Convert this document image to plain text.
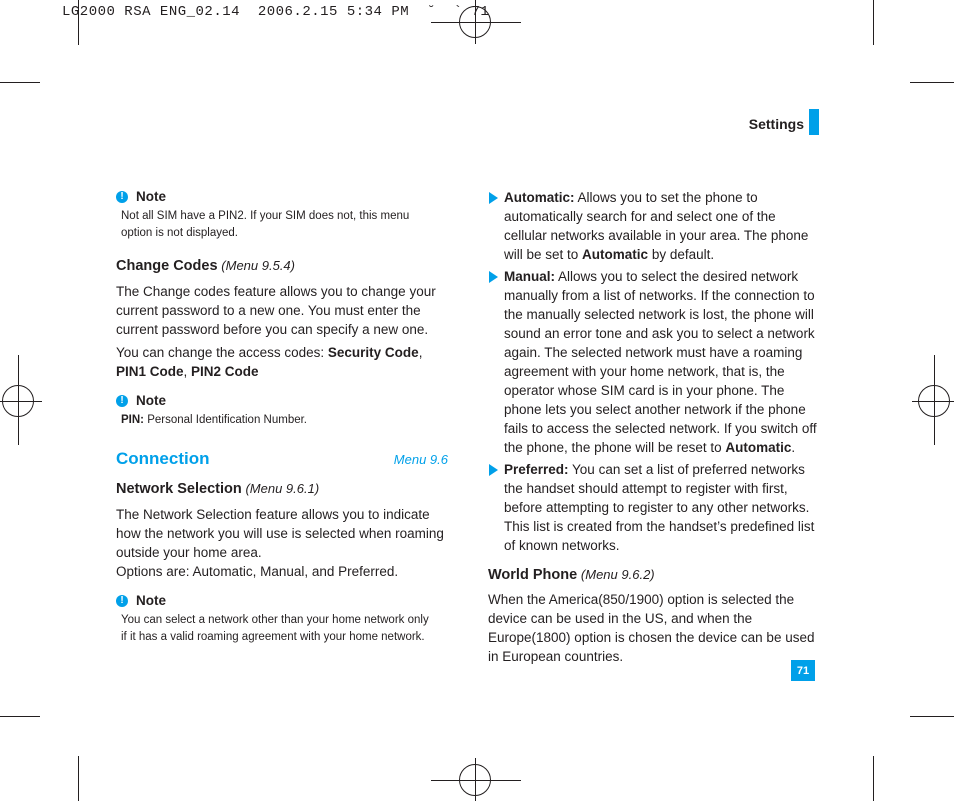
LG2000 RSA ENG_02.14  2006.2.15 5:34 PM  ˘  ` 71
Settings
71
! Note
Not all SIM have a PIN2. If your SIM does not, this menu
option is not displayed.
Change Codes (Menu 9.5.4)

The Change codes feature allows you to change your current password to a new one. You must enter the current password before you can specify a new one.

You can change the access codes: Security Code,
PIN1 Code, PIN2 Code

! Note
PIN: Personal Identification Number.
Connection	Menu 9.6
Network Selection (Menu 9.6.1)

The Network Selection feature allows you to indicate how the network you will use is selected when roaming outside your home area.

Options are: Automatic, Manual, and Preferred.

! Note
You can select a network other than your home network only
if it has a valid roaming agreement with your home network.
Automatic: Allows you to set the phone to automatically search for and select one of the cellular networks available in your area. The phone will be set to Automatic by default.
Manual: Allows you to select the desired network manually from a list of networks. If the connection to the manually selected network is lost, the phone will sound an error tone and ask you to select a network again. The selected network must have a roaming agreement with your home network, that is, the operator whose SIM card is in your phone. The phone lets you select another network if the phone fails to access the selected network. If you switch off the phone, the phone will be reset to Automatic.
Preferred: You can set a list of preferred networks the handset should attempt to register with first, before attempting to register to any other networks. This list is created from the handset’s predefined list of known networks.
World Phone (Menu 9.6.2)

When the America(850/1900) option is selected the device can be used in the US, and when the Europe(1800) option is chosen the device can be used in European countries.
